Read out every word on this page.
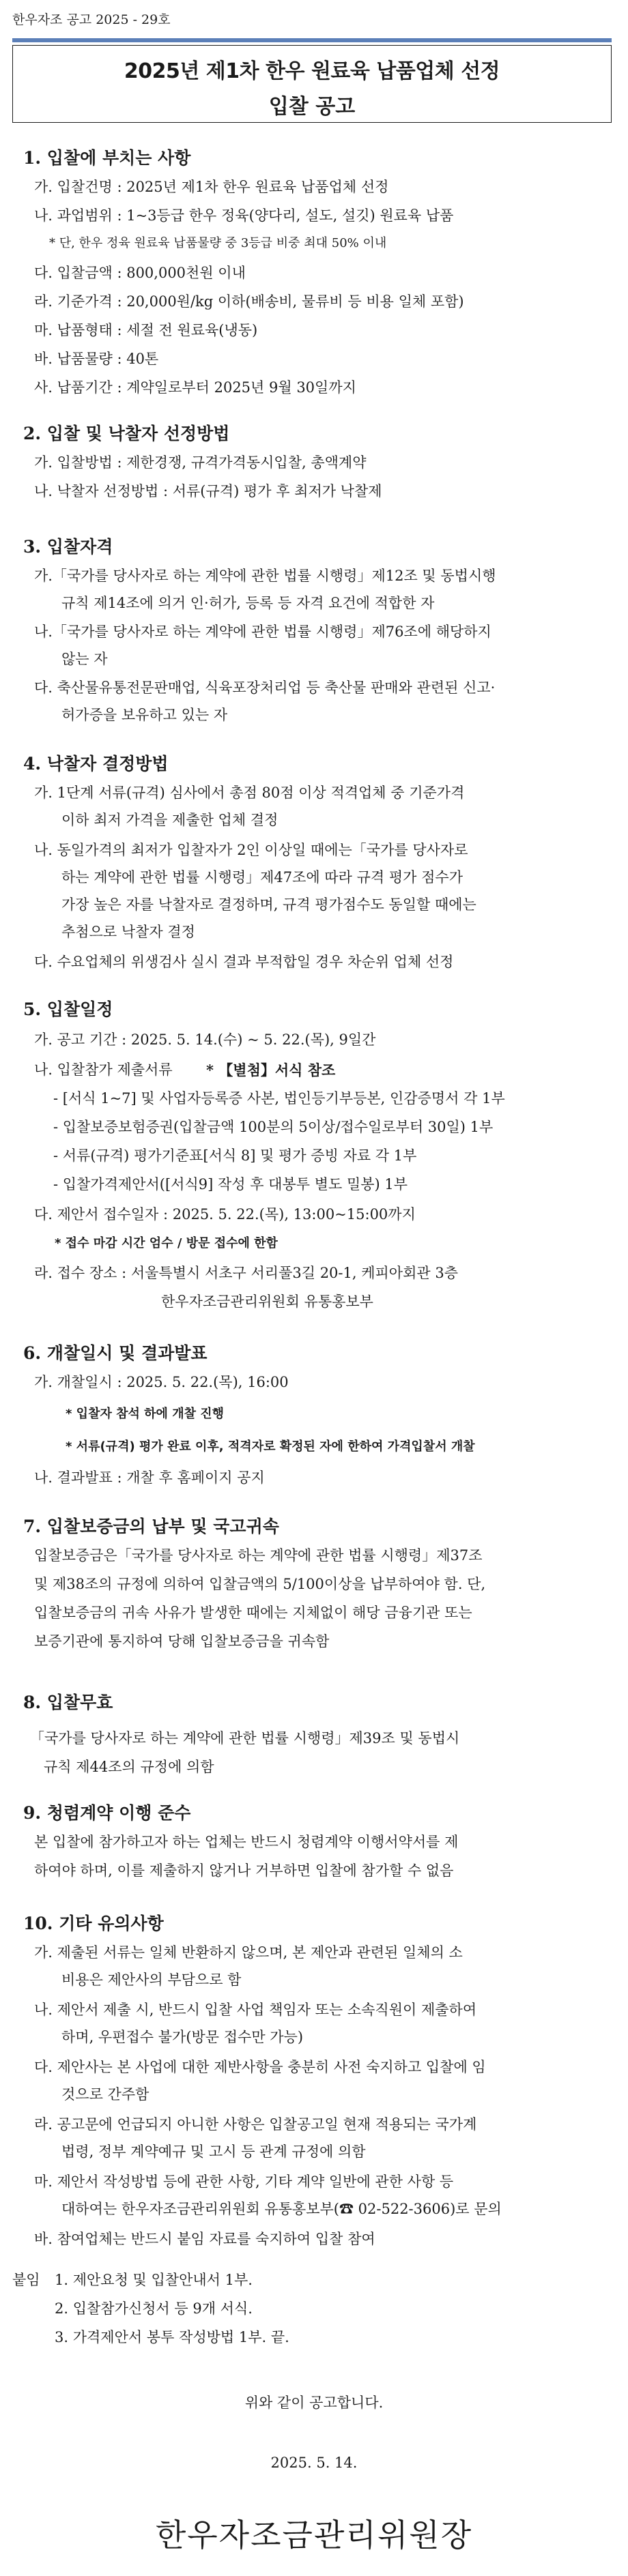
한우자조 공고 2025 - 29호
2025년 제1차 한우 원료육 납품업체 선정
입찰 공고
1. 입찰에 부치는 사항
가. 입찰건명 : 2025년 제1차 한우 원료육 납품업체 선정
나. 과업범위 : 1~3등급 한우 정육(양다리, 설도, 설깃) 원료육 납품
* 단, 한우 정육 원료육 납품물량 중 3등급 비중 최대 50% 이내
다. 입찰금액 : 800,000천원 이내
라. 기준가격 : 20,000원/kg 이하(배송비, 물류비 등 비용 일체 포함)
마. 납품형태 : 세절 전 원료육(냉동)
바. 납품물량 : 40톤
사. 납품기간 : 계약일로부터 2025년 9월 30일까지
2. 입찰 및 낙찰자 선정방법
가. 입찰방법 : 제한경쟁, 규격가격동시입찰, 총액계약
나. 낙찰자 선정방법 : 서류(규격) 평가 후 최저가 낙찰제
3. 입찰자격
가.「국가를 당사자로 하는 계약에 관한 법률 시행령」제12조 및 동법시행
규칙 제14조에 의거 인·허가, 등록 등 자격 요건에 적합한 자
나.「국가를 당사자로 하는 계약에 관한 법률 시행령」제76조에 해당하지
않는 자
다. 축산물유통전문판매업, 식육포장처리업 등 축산물 판매와 관련된 신고·
허가증을 보유하고 있는 자
4. 낙찰자 결정방법
가. 1단계 서류(규격) 심사에서 총점 80점 이상 적격업체 중 기준가격
이하 최저 가격을 제출한 업체 결정
나. 동일가격의 최저가 입찰자가 2인 이상일 때에는「국가를 당사자로
하는 계약에 관한 법률 시행령」제47조에 따라 규격 평가 점수가
가장 높은 자를 낙찰자로 결정하며, 규격 평가점수도 동일할 때에는
추첨으로 낙찰자 결정
다. 수요업체의 위생검사 실시 결과 부적합일 경우 차순위 업체 선정
5. 입찰일정
가. 공고 기간 : 2025. 5. 14.(수) ~ 5. 22.(목), 9일간
나. 입찰참가 제출서류 * 【별첨】서식 참조
- [서식 1~7] 및 사업자등록증 사본, 법인등기부등본, 인감증명서 각 1부
- 입찰보증보험증권(입찰금액 100분의 5이상/접수일로부터 30일) 1부
- 서류(규격) 평가기준표[서식 8] 및 평가 증빙 자료 각 1부
- 입찰가격제안서([서식9] 작성 후 대봉투 별도 밀봉) 1부
다. 제안서 접수일자 : 2025. 5. 22.(목), 13:00~15:00까지
* 접수 마감 시간 엄수 / 방문 접수에 한함
라. 접수 장소 : 서울특별시 서초구 서리풀3길 20-1, 케피아회관 3층
한우자조금관리위원회 유통홍보부
6. 개찰일시 및 결과발표
가. 개찰일시 : 2025. 5. 22.(목), 16:00
* 입찰자 참석 하에 개찰 진행
* 서류(규격) 평가 완료 이후, 적격자로 확정된 자에 한하여 가격입찰서 개찰
나. 결과발표 : 개찰 후 홈페이지 공지
7. 입찰보증금의 납부 및 국고귀속
입찰보증금은「국가를 당사자로 하는 계약에 관한 법률 시행령」제37조
및 제38조의 규정에 의하여 입찰금액의 5/100이상을 납부하여야 함. 단,
입찰보증금의 귀속 사유가 발생한 때에는 지체없이 해당 금융기관 또는
보증기관에 통지하여 당해 입찰보증금을 귀속함
8. 입찰무효
「국가를 당사자로 하는 계약에 관한 법률 시행령」제39조 및 동법시
규칙 제44조의 규정에 의함
9. 청렴계약 이행 준수
본 입찰에 참가하고자 하는 업체는 반드시 청렴계약 이행서약서를 제
하여야 하며, 이를 제출하지 않거나 거부하면 입찰에 참가할 수 없음
10. 기타 유의사항
가. 제출된 서류는 일체 반환하지 않으며, 본 제안과 관련된 일체의 소
비용은 제안사의 부담으로 함
나. 제안서 제출 시, 반드시 입찰 사업 책임자 또는 소속직원이 제출하여
하며, 우편접수 불가(방문 접수만 가능)
다. 제안사는 본 사업에 대한 제반사항을 충분히 사전 숙지하고 입찰에 임
것으로 간주함
라. 공고문에 언급되지 아니한 사항은 입찰공고일 현재 적용되는 국가계
법령, 정부 계약예규 및 고시 등 관계 규정에 의함
마. 제안서 작성방법 등에 관한 사항, 기타 계약 일반에 관한 사항 등
대하여는 한우자조금관리위원회 유통홍보부(☎ 02-522-3606)로 문의
바. 참여업체는 반드시 붙임 자료를 숙지하여 입찰 참여
붙임 1. 제안요청 및 입찰안내서 1부.
2. 입찰참가신청서 등 9개 서식.
3. 가격제안서 봉투 작성방법 1부. 끝.
위와 같이 공고합니다.
2025. 5. 14.
한우자조금관리위원장
